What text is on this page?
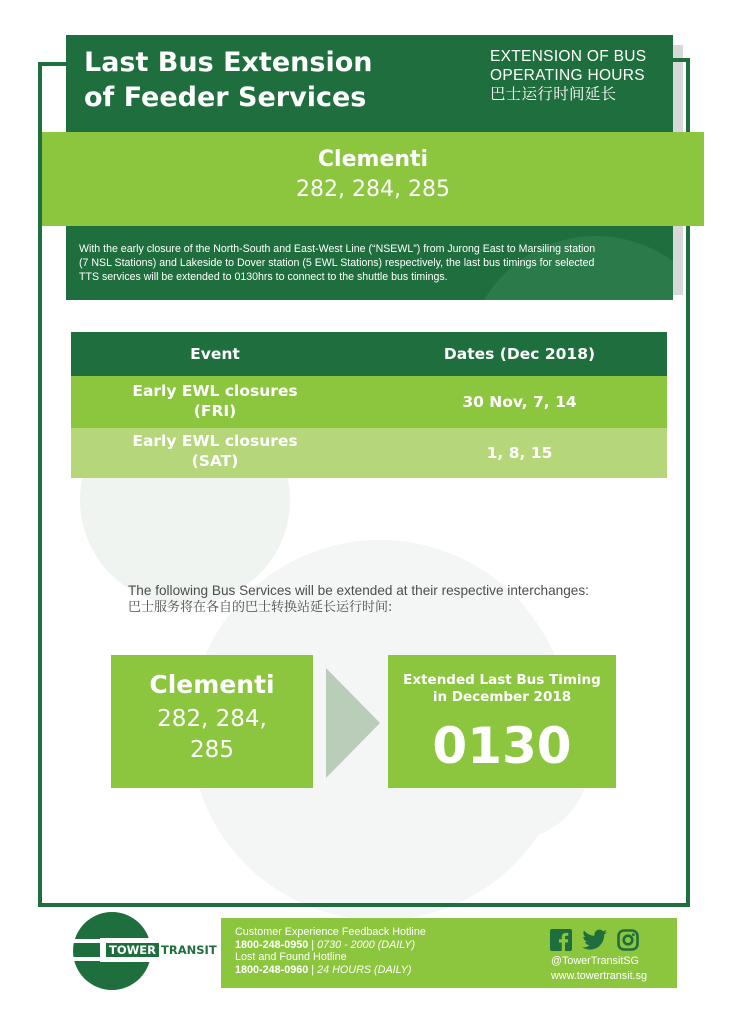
Last Bus Extension
of Feeder Services
EXTENSION OF BUS
OPERATING HOURS
巴士运行时间延长
Clementi
282, 284, 285
With the early closure of the North-South and East-West Line (“NSEWL”) from Jurong East to Marsiling station
(7 NSL Stations) and Lakeside to Dover station (5 EWL Stations) respectively, the last bus timings for selected
TTS services will be extended to 0130hrs to connect to the shuttle bus timings.
Event	Dates (Dec 2018)
Early EWL closures
(FRI)	30 Nov, 7, 14
Early EWL closures
(SAT)	1, 8, 15
The following Bus Services will be extended at their respective interchanges:
巴士服务将在各自的巴士转换站延长运行时间:
Clementi
282, 284,
285
Extended Last Bus Timing
in December 2018
0130
TOWER TRANSIT
Customer Experience Feedback Hotline
1800-248-0950 | 0730 - 2000 (DAILY)
Lost and Found Hotline
1800-248-0960 | 24 HOURS (DAILY)
@TowerTransitSG
www.towertransit.sg
